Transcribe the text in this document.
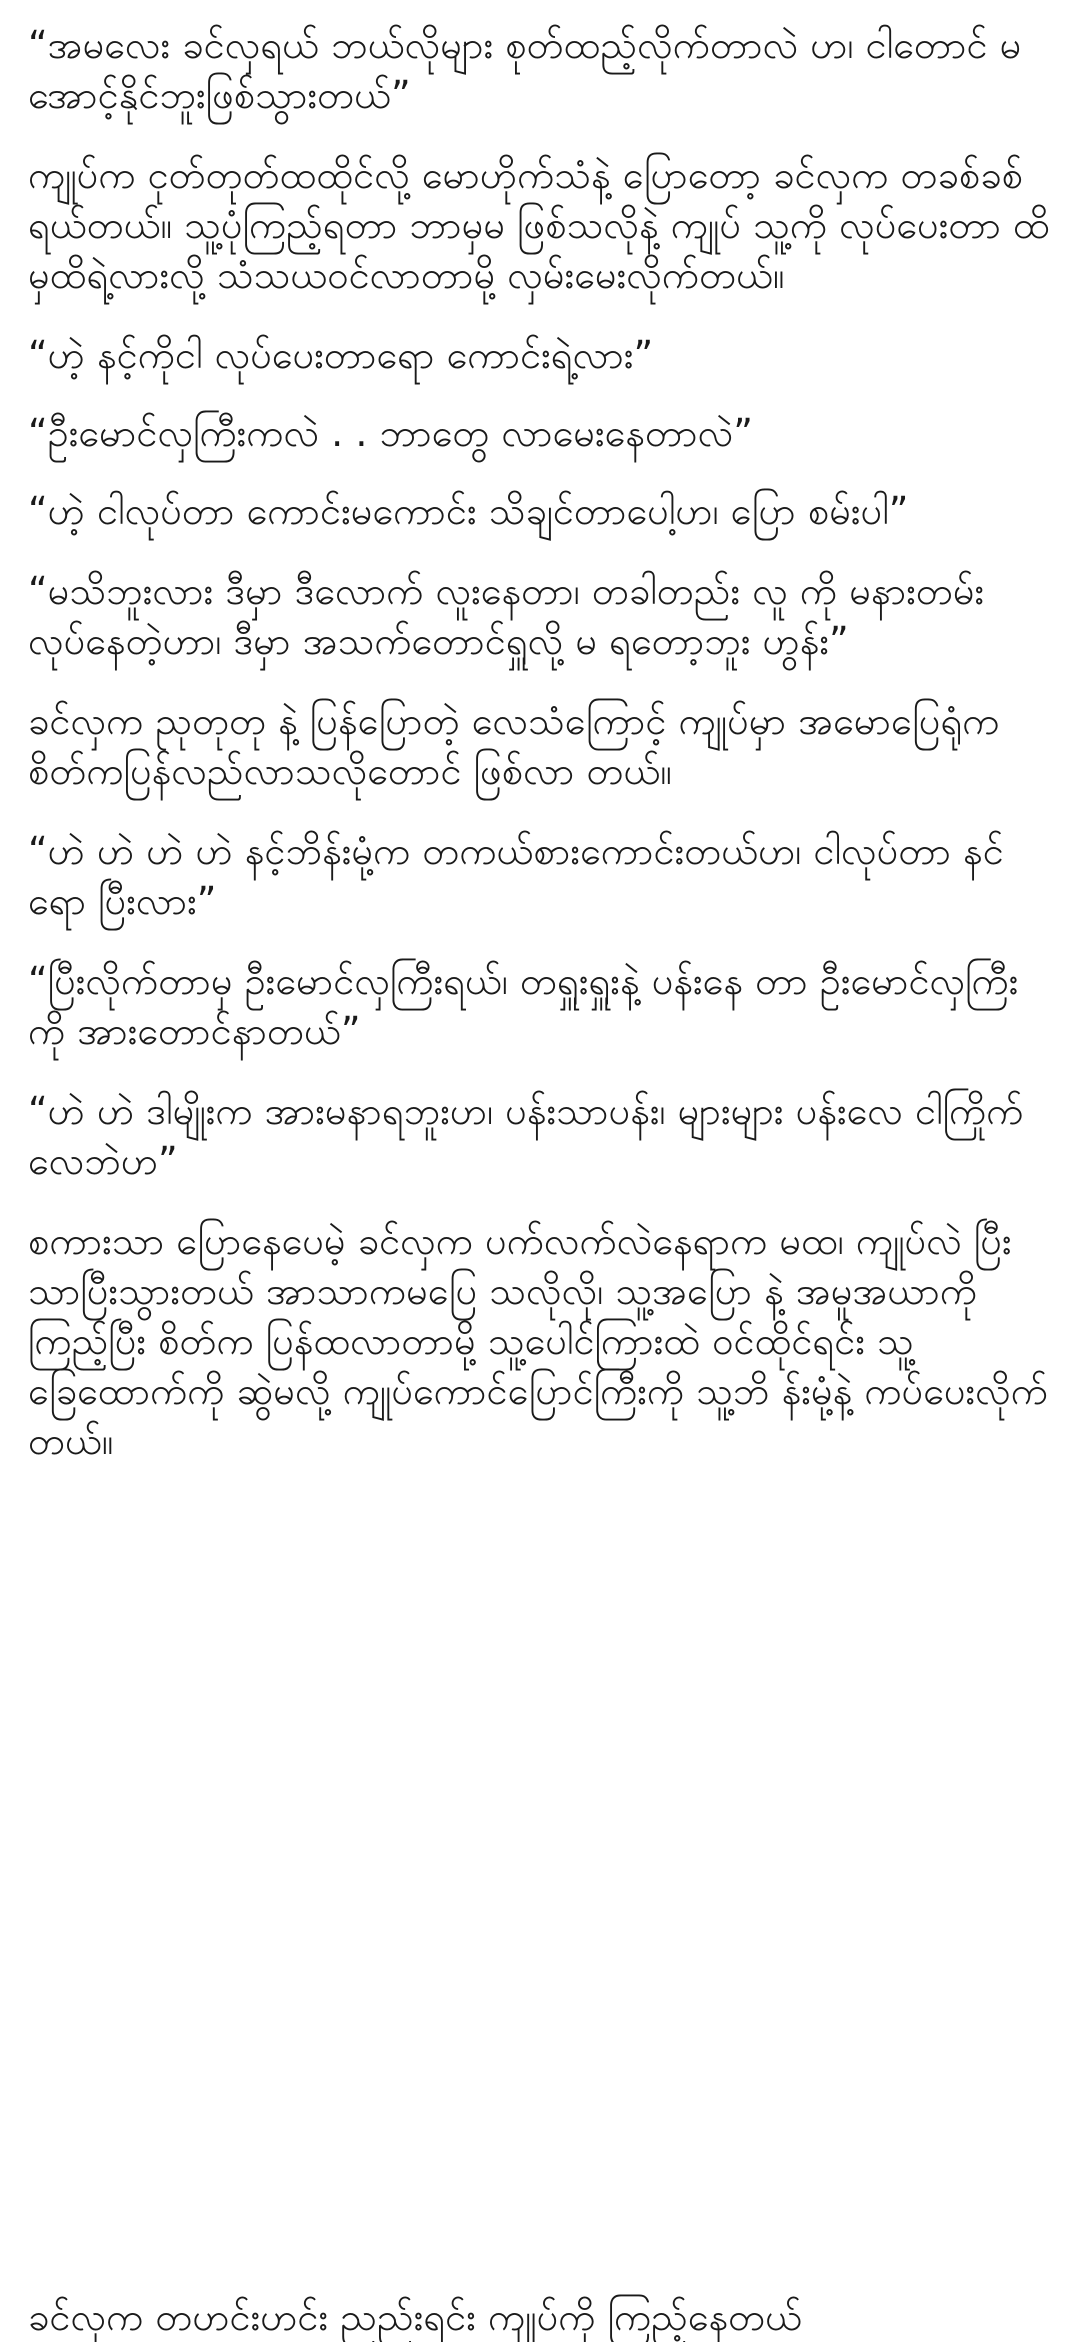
“အမလေး ခင်လှရယ် ဘယ်လိုများ စုတ်ထည့်လိုက်တာလဲ ဟ၊ ငါတောင် မအောင့်နိုင်ဘူးဖြစ်သွားတယ်”

ကျုပ်က ငုတ်တုတ်ထထိုင်လို့ မောဟိုက်သံနဲ့ ပြောတော့ ခင်လှက တခစ်ခစ်ရယ်တယ်။ သူ့ပုံကြည့်ရတာ ဘာမှမ ဖြစ်သလိုနဲ့ ကျုပ် သူ့ကို လုပ်ပေးတာ ထိမှထိရဲ့လားလို့ သံသယဝင်လာတာမို့ လှမ်းမေးလိုက်တယ်။

“ဟဲ့ နင့်ကိုငါ လုပ်ပေးတာရော ကောင်းရဲ့လား”

“ဦးမောင်လှကြီးကလဲ . . ဘာတွေ လာမေးနေတာလဲ”

“ဟဲ့ ငါလုပ်တာ ကောင်းမကောင်း သိချင်တာပေါ့ဟ၊ ပြော စမ်းပါ”

“မသိဘူးလား ဒီမှာ ဒီလောက် လူးနေတာ၊ တခါတည်း လူ ကို မနားတမ်း လုပ်နေတဲ့ဟာ၊ ဒီမှာ အသက်တောင်ရှူလို့ မ ရတော့ဘူး ဟွန်း”

ခင်လှက ညုတုတု နဲ့ ပြန်ပြောတဲ့ လေသံကြောင့် ကျုပ်မှာ အမောပြေရုံက စိတ်ကပြန်လည်လာသလိုတောင် ဖြစ်လာ တယ်။

“ဟဲ ဟဲ ဟဲ ဟဲ နင့်ဘိန်းမုံ့က တကယ်စားကောင်းတယ်ဟ၊ ငါလုပ်တာ နင်ရော ပြီးလား”

“ပြီးလိုက်တာမှ ဦးမောင်လှကြီးရယ်၊ တရှူးရှူးနဲ့ ပန်းနေ တာ ဦးမောင်လှကြီးကို အားတောင်နာတယ်”

“ဟဲ ဟဲ ဒါမျိုးက အားမနာရဘူးဟ၊ ပန်းသာပန်း၊ များများ ပန်းလေ ငါကြိုက်လေဘဲဟ”

စကားသာ ပြောနေပေမဲ့ ခင်လှက ပက်လက်လဲနေရာက မထ၊ ကျုပ်လဲ ပြီးသာပြီးသွားတယ် အာသာကမပြေ သလိုလို၊ သူ့အပြော နဲ့ အမူအယာကို ကြည့်ပြီး စိတ်က ပြန်ထလာတာမို့ သူ့ပေါင်ကြားထဲ ဝင်ထိုင်ရင်း သူ့ ခြေထောက်ကို ဆွဲမလို့ ကျုပ်ကောင်ပြောင်ကြီးကို သူ့ဘိ န်းမုံ့နဲ့ ကပ်ပေးလိုက်တယ်။

ခင်လှက တဟင်းဟင်း ညည်းရင်း ကျုပ်ကို ကြည့်နေတယ်
